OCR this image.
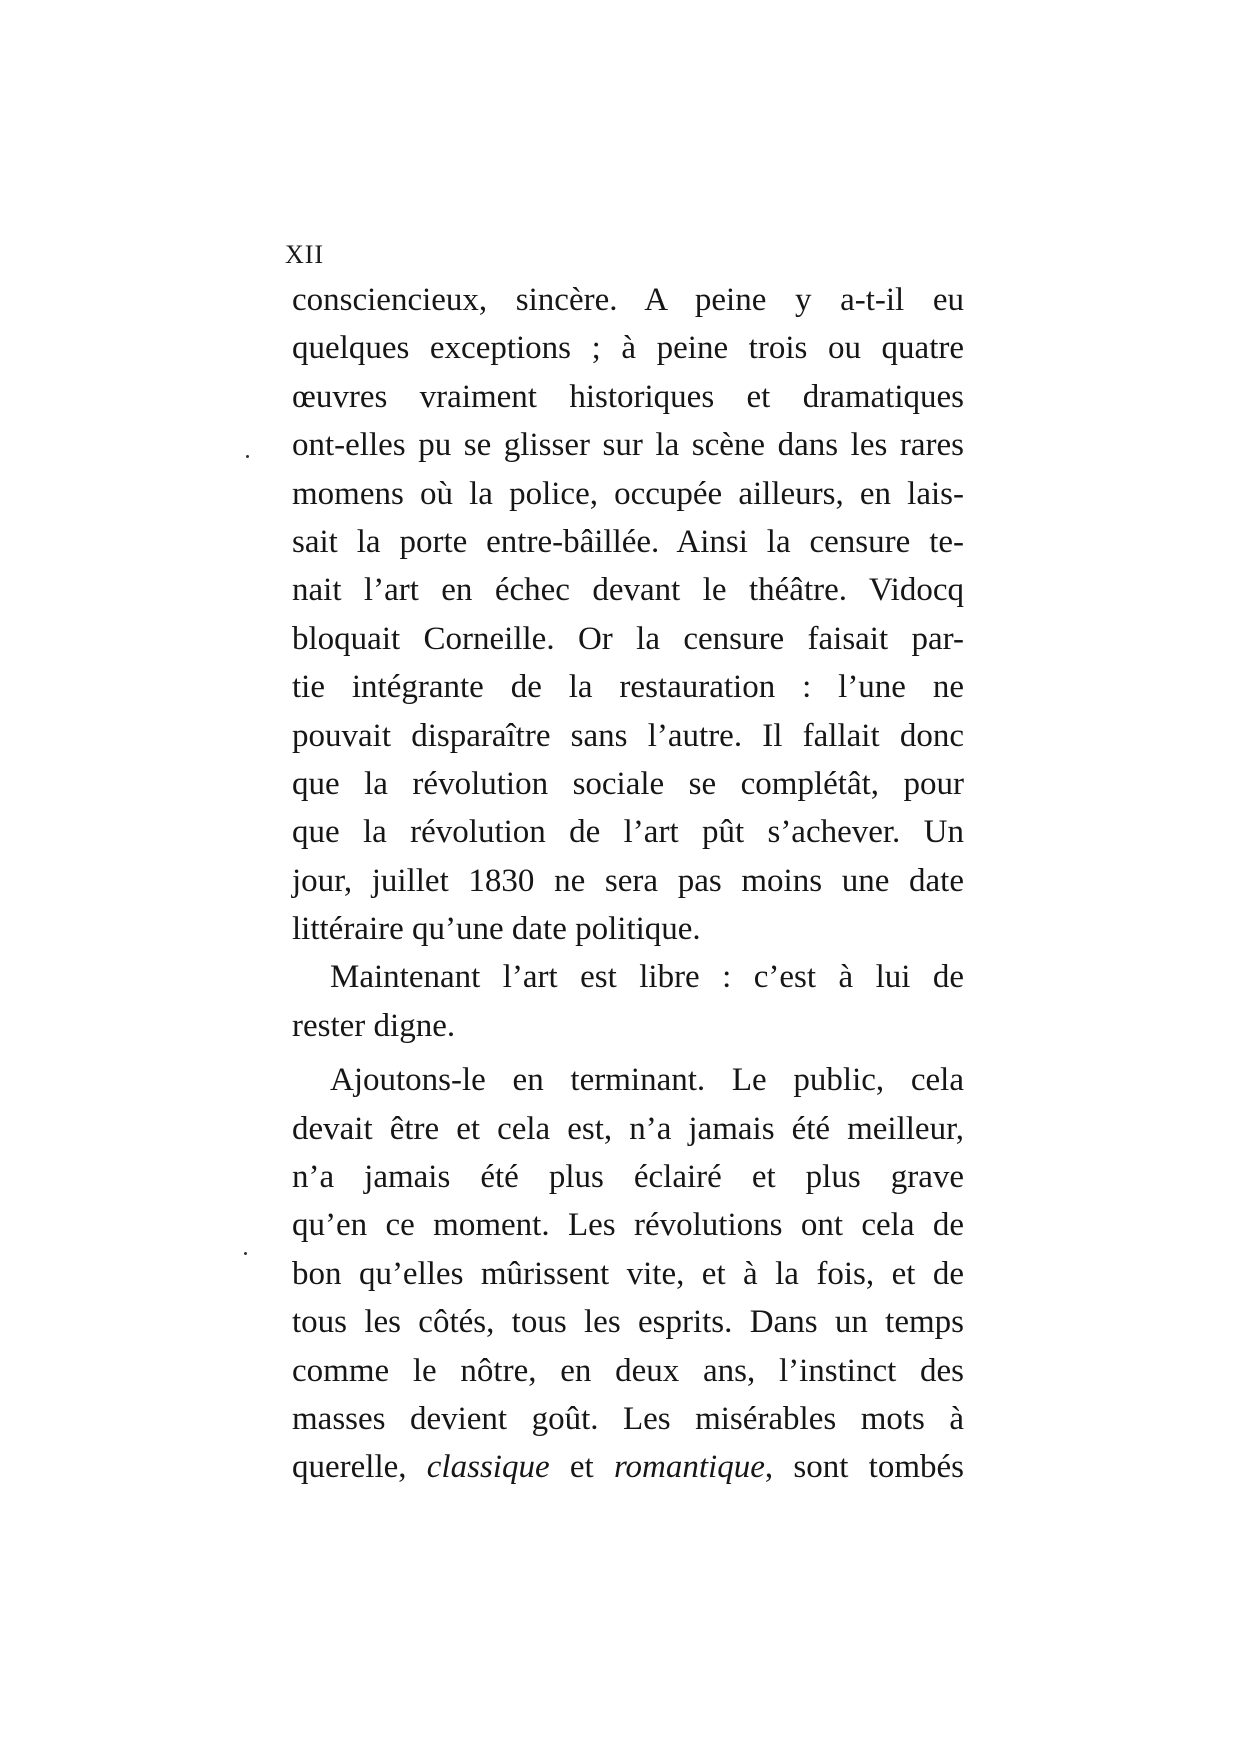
XII
consciencieux, sincère. A peine y a-t-il eu
quelques exceptions ; à peine trois ou quatre
œuvres vraiment historiques et dramatiques
ont-elles pu se glisser sur la scène dans les rares
momens où la police, occupée ailleurs, en lais-
sait la porte entre-bâillée. Ainsi la censure te-
nait l’art en échec devant le théâtre. Vidocq
bloquait Corneille. Or la censure faisait par-
tie intégrante de la restauration : l’une ne
pouvait disparaître sans l’autre. Il fallait donc
que la révolution sociale se complétât, pour
que la révolution de l’art pût s’achever. Un
jour, juillet 1830 ne sera pas moins une date
littéraire qu’une date politique.
Maintenant l’art est libre : c’est à lui de
rester digne.
Ajoutons-le en terminant. Le public, cela
devait être et cela est, n’a jamais été meilleur,
n’a jamais été plus éclairé et plus grave
qu’en ce moment. Les révolutions ont cela de
bon qu’elles mûrissent vite, et à la fois, et de
tous les côtés, tous les esprits. Dans un temps
comme le nôtre, en deux ans, l’instinct des
masses devient goût. Les misérables mots à
querelle, classique et romantique, sont tombés
